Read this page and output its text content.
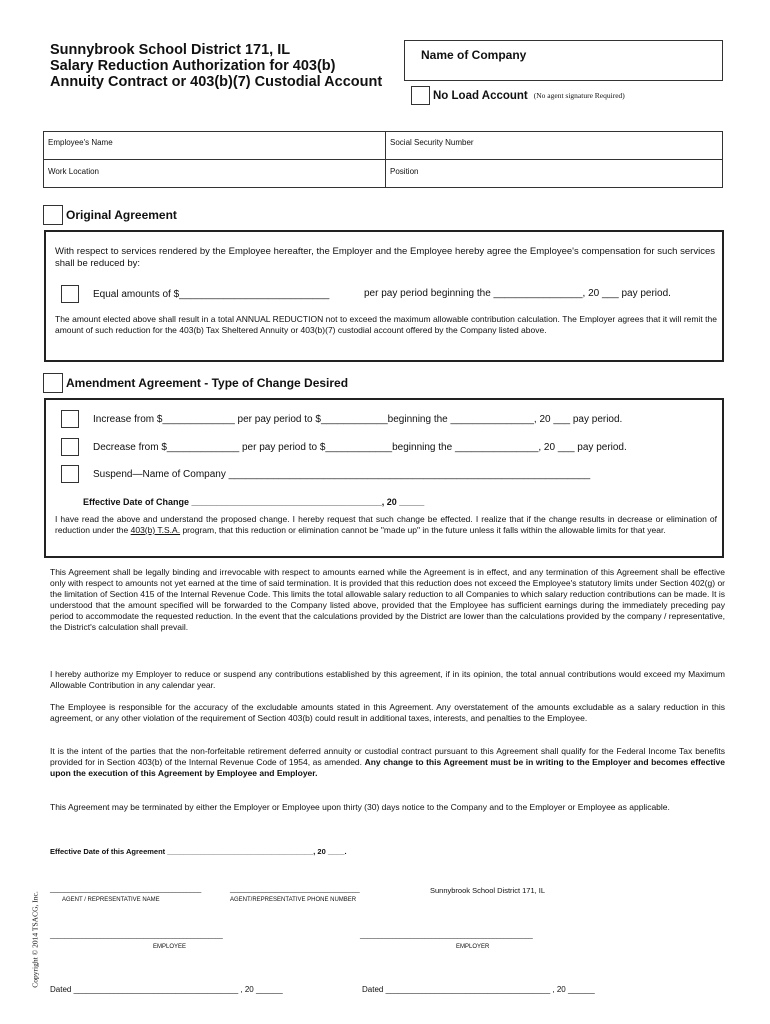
Sunnybrook School District 171, IL
Salary Reduction Authorization for 403(b)
Annuity Contract or 403(b)(7) Custodial Account
Name of Company
No Load Account (No agent signature Required)
Employee's Name	Social Security Number
Work Location	Position
Original Agreement
With respect to services rendered by the Employee hereafter, the Employer and the Employee hereby agree the Employee's compensation for such services shall be reduced by:
Equal amounts of $___________________________	per pay period beginning the ________________, 20 ___ pay period.
The amount elected above shall result in a total ANNUAL REDUCTION not to exceed the maximum allowable contribution calculation. The Employer agrees that it will remit the amount of such reduction for the 403(b) Tax Sheltered Annuity or 403(b)(7) custodial account offered by the Company listed above.
Amendment Agreement - Type of Change Desired
Increase from $_____________ per pay period to $____________beginning the _______________, 20 ___ pay period.
Decrease from $_____________ per pay period to $____________beginning the _______________, 20 ___ pay period.
Suspend—Name of Company _________________________________________________________________
Effective Date of Change ______________________________________, 20 _____
I have read the above and understand the proposed change. I hereby request that such change be effected. I realize that if the change results in decrease or elimination of reduction under the 403(b) T.S.A. program, that this reduction or elimination cannot be "made up" in the future unless it falls within the allowable limits for that year.
This Agreement shall be legally binding and irrevocable with respect to amounts earned while the Agreement is in effect, and any termination of this Agreement shall be effective only with respect to amounts not yet earned at the time of said termination. It is provided that this reduction does not exceed the Employee's statutory limits under Section 402(g) or the limitation of Section 415 of the Internal Revenue Code. This limits the total allowable salary reduction to all Companies to which salary reduction contributions can be made. It is understood that the amount specified will be forwarded to the Company listed above, provided that the Employee has sufficient earnings during the immediately preceding pay period to accommodate the requested reduction. In the event that the calculations provided by the District are lower than the calculations provided by the company / representative, the District's calculation shall prevail.
I hereby authorize my Employer to reduce or suspend any contributions established by this agreement, if in its opinion, the total annual contributions would exceed my Maximum Allowable Contribution in any calendar year.
The Employee is responsible for the accuracy of the excludable amounts stated in this Agreement. Any overstatement of the amounts excludable as a salary reduction in this agreement, or any other violation of the requirement of Section 403(b) could result in additional taxes, interests, and penalties to the Employee.
It is the intent of the parties that the non-forfeitable retirement deferred annuity or custodial contract pursuant to this Agreement shall qualify for the Federal Income Tax benefits provided for in Section 403(b) of the Internal Revenue Code of 1954, as amended. Any change to this Agreement must be in writing to the Employer and becomes effective upon the execution of this Agreement by Employee and Employer.
This Agreement may be terminated by either the Employer or Employee upon thirty (30) days notice to the Company and to the Employer or Employee as applicable.
Effective Date of this Agreement ___________________________________, 20 ____.
__________________________________________
AGENT / REPRESENTATIVE NAME
____________________________________
AGENT/REPRESENTATIVE PHONE NUMBER
Sunnybrook School District 171, IL
________________________________________________
EMPLOYEE
________________________________________________
EMPLOYER
Dated _____________________________________ , 20 ______	Dated _____________________________________ , 20 ______
Copyright © 2014 TSACG, Inc.
